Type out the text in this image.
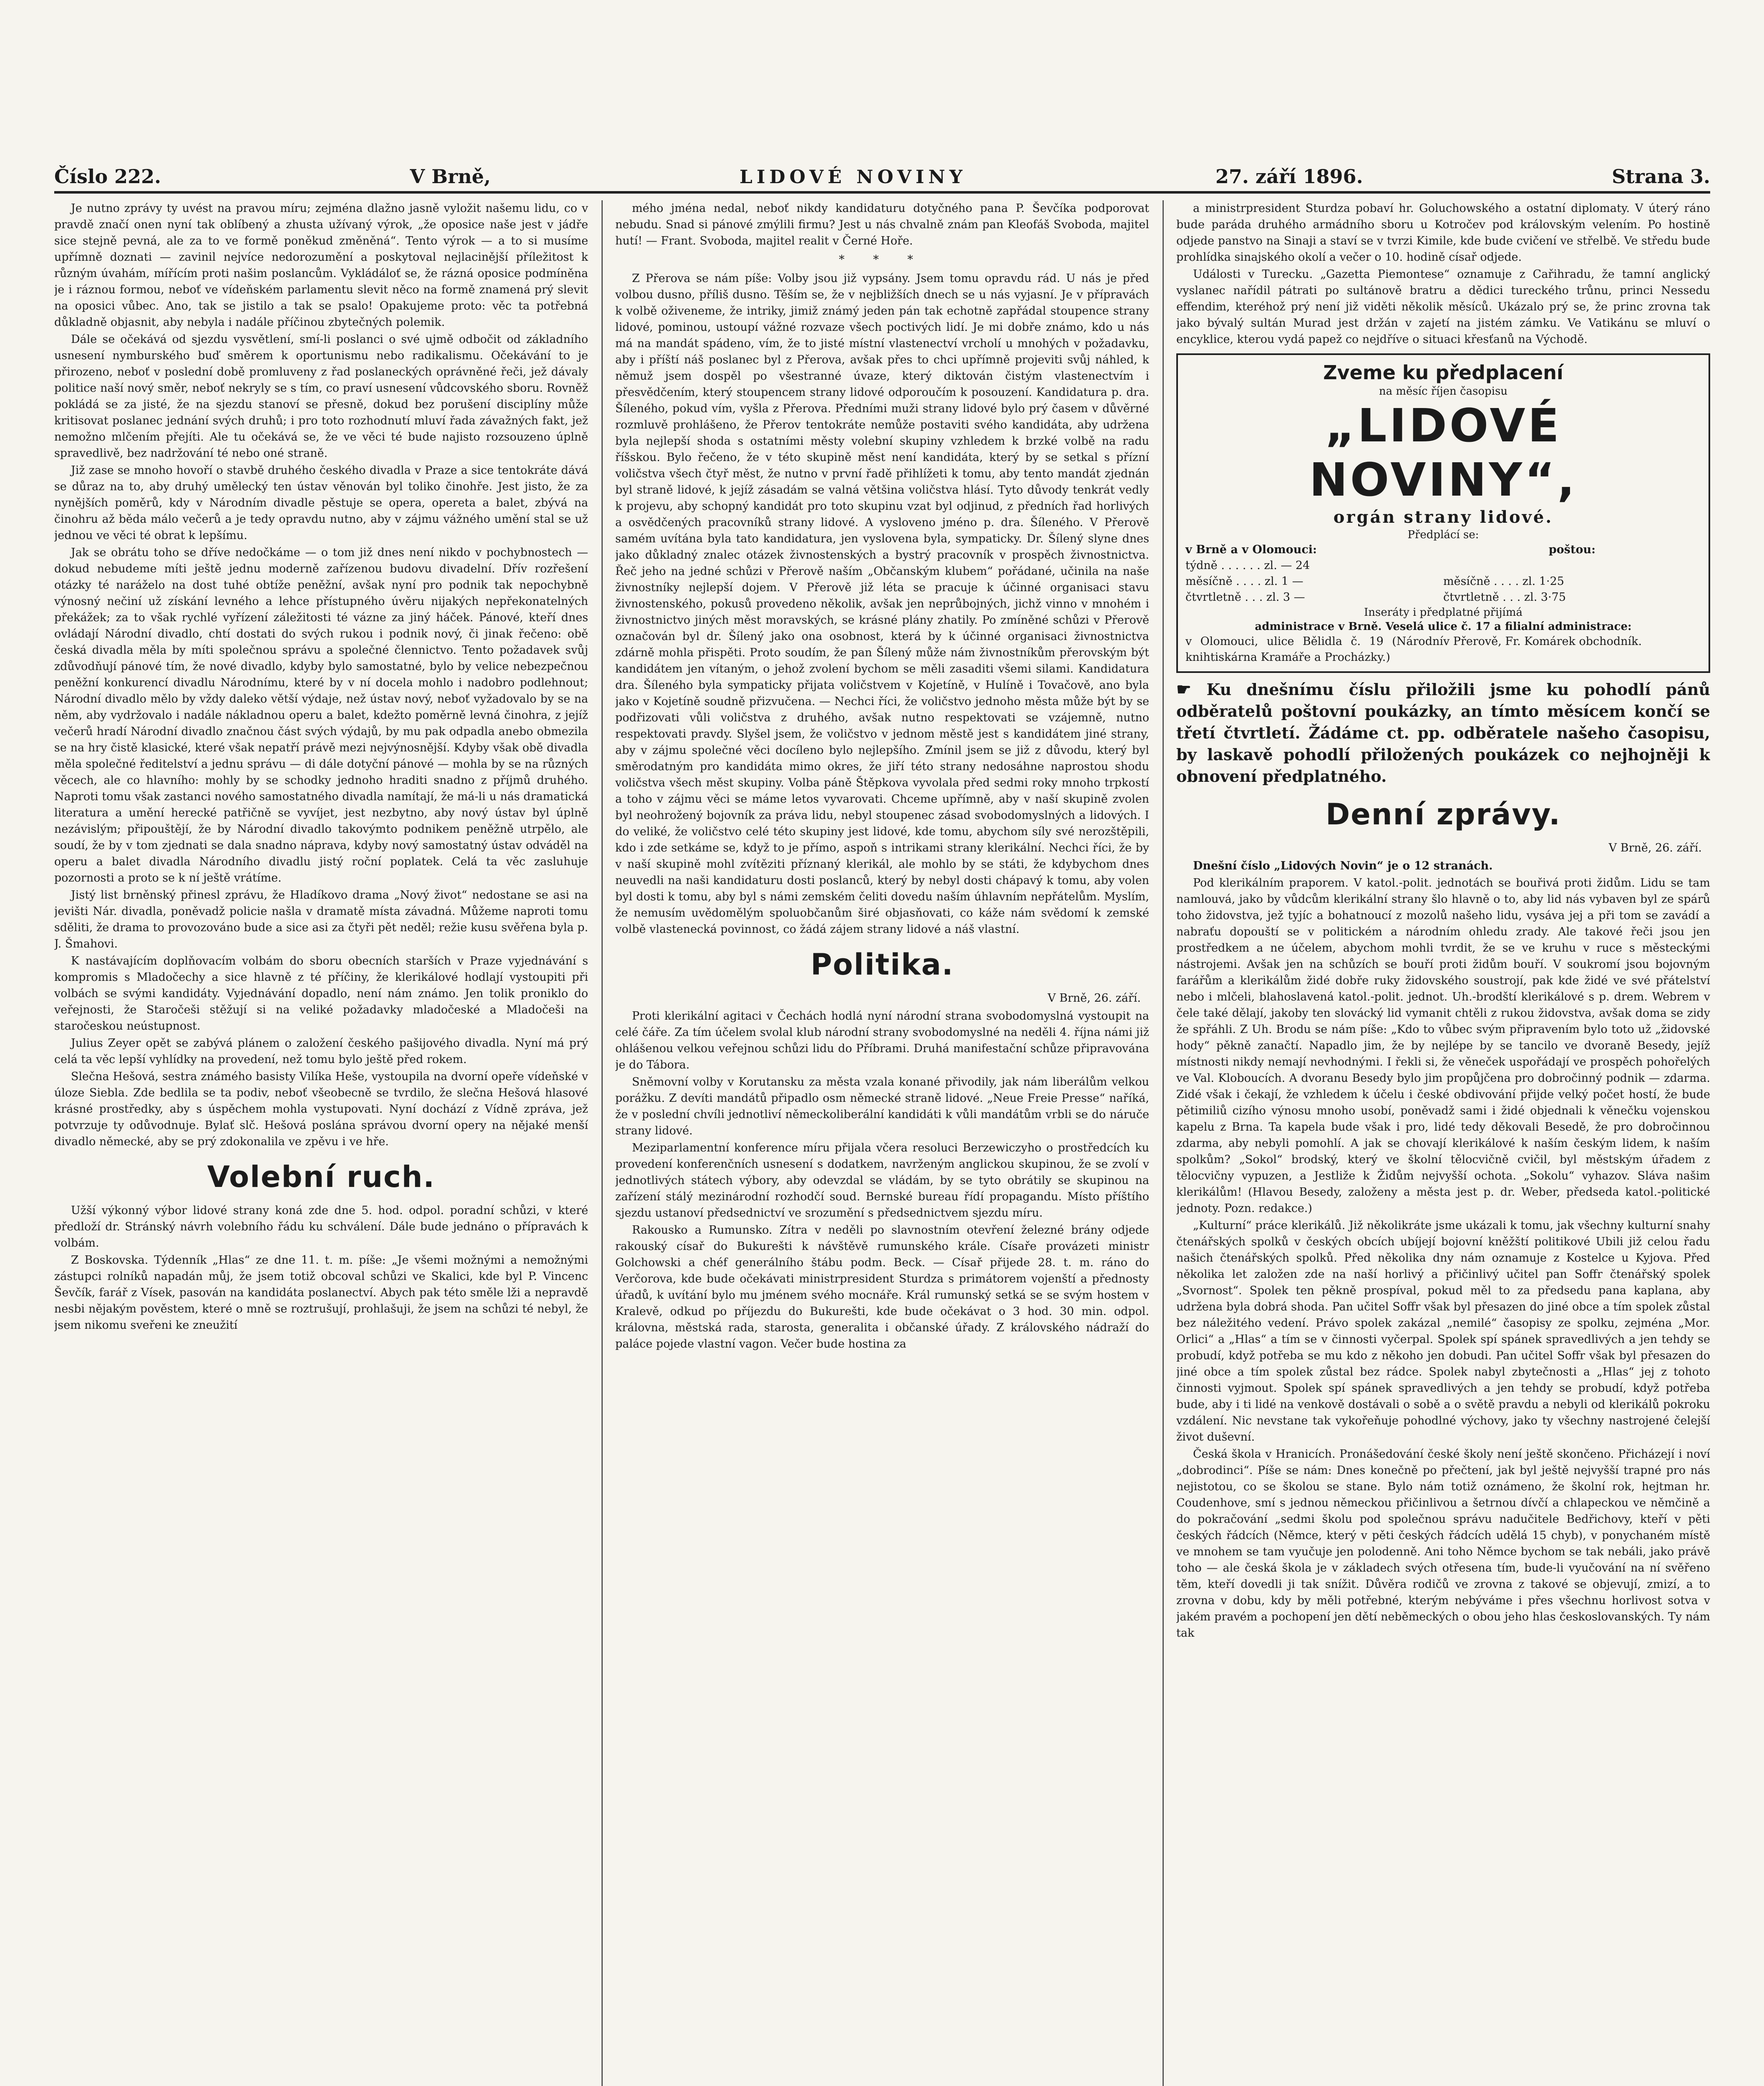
Číslo 222.	V Brně,	LIDOVÉ NOVINY	27. září 1896.	Strana 3.

Je nutno zprávy ty uvést na pravou míru; zejména dlažno jasně vyložit našemu lidu, co v pravdě značí onen nyní tak oblíbený a zhusta užívaný výrok, „že oposice naše jest v jádře sice stejně pevná, ale za to ve formě poněkud změněná“. Tento výrok — a to si musíme upřímně doznati — zavinil nejvíce nedorozumění a poskytoval nejlacinější příležitost k různým úvahám, mířícím proti našim poslancům. Vykládáloť se, že rázná oposice podmíněna je i ráznou formou, neboť ve vídeňském parlamentu slevit něco na formě znamená prý slevit na oposici vůbec. Ano, tak se jistilo a tak se psalo! Opakujeme proto: věc ta potřebná důkladně objasnit, aby nebyla i nadále příčinou zbytečných polemik.

Dále se očekává od sjezdu vysvětlení, smí-li poslanci o své ujmě odbočit od základního usnesení nymburského buď směrem k oportunismu nebo radikalismu. Očekávání to je přirozeno, neboť v poslední době promluveny z řad poslaneckých oprávněné řeči, jež dávaly politice naší nový směr, neboť nekryly se s tím, co praví usnesení vůdcovského sboru. Rovněž pokládá se za jisté, že na sjezdu stanoví se přesně, dokud bez porušení disciplíny může kritisovat poslanec jednání svých druhů; i pro toto rozhodnutí mluví řada závažných fakt, jež nemožno mlčením přejíti. Ale tu očekává se, že ve věci té bude najisto rozsouzeno úplně spravedlivě, bez nadržování té nebo oné straně.

Již zase se mnoho hovoří o stavbě druhého českého divadla v Praze a sice tentokráte dává se důraz na to, aby druhý umělecký ten ústav věnován byl toliko činohře. Jest jisto, že za nynějších poměrů, kdy v Národním divadle pěstuje se opera, opereta a balet, zbývá na činohru až běda málo večerů a je tedy opravdu nutno, aby v zájmu vážného umění stal se už jednou ve věci té obrat k lepšímu.

Jak se obrátu toho se dříve nedočkáme — o tom již dnes není nikdo v pochybnostech — dokud nebudeme míti ještě jednu moderně zařízenou budovu divadelní. Dřív rozřešení otázky té naráželo na dost tuhé obtíže peněžní, avšak nyní pro podnik tak nepochybně výnosný nečiní už získání levného a lehce přístupného úvěru nijakých nepřekonatelných překážek; za to však rychlé vyřízení záležitosti té vázne za jiný háček. Pánové, kteří dnes ovládají Národní divadlo, chtí dostati do svých rukou i podnik nový, či jinak řečeno: obě česká divadla měla by míti společnou správu a společné člennictvo. Tento požadavek svůj zdůvodňují pánové tím, že nové divadlo, kdyby bylo samostatné, bylo by velice nebezpečnou peněžní konkurencí divadlu Národnímu, které by v ní docela mohlo i nadobro podlehnout; Národní divadlo mělo by vždy daleko větší výdaje, než ústav nový, neboť vyžadovalo by se na něm, aby vydržovalo i nadále nákladnou operu a balet, kdežto poměrně levná činohra, z jejíž večerů hradí Národní divadlo značnou část svých výdajů, by mu pak odpadla anebo obmezila se na hry čistě klasické, které však nepatří právě mezi nejvýnosnější. Kdyby však obě divadla měla společné ředitelství a jednu správu — di dále dotyční pánové — mohla by se na různých věcech, ale co hlavního: mohly by se schodky jednoho hraditi snadno z příjmů druhého. Naproti tomu však zastanci nového samostatného divadla namítají, že má-li u nás dramatická literatura a umění herecké patřičně se vyvíjet, jest nezbytno, aby nový ústav byl úplně nezávislým; připouštějí, že by Národní divadlo takovýmto podnikem peněžně utrpělo, ale soudí, že by v tom zjednati se dala snadno náprava, kdyby nový samostatný ústav odváděl na operu a balet divadla Národního divadlu jistý roční poplatek. Celá ta věc zasluhuje pozornosti a proto se k ní ještě vrátíme.

Jistý list brněnský přinesl zprávu, že Hladíkovo drama „Nový život“ nedostane se asi na jevišti Nár. divadla, poněvadž policie našla v dramatě místa závadná. Můžeme naproti tomu sděliti, že drama to provozováno bude a sice asi za čtyři pět neděl; režie kusu svěřena byla p. J. Šmahovi.

K nastávajícím doplňovacím volbám do sboru obecních starších v Praze vyjednávání s kompromis s Mladočechy a sice hlavně z té příčiny, že klerikálové hodlají vystoupiti při volbách se svými kandidáty. Vyjednávání dopadlo, není nám známo. Jen tolik proniklo do veřejnosti, že Staročeši stěžují si na veliké požadavky mladočeské a Mladočeši na staročeskou neústupnost.

Julius Zeyer opět se zabývá plánem o založení českého pašijového divadla. Nyní má prý celá ta věc lepší vyhlídky na provedení, než tomu bylo ještě před rokem.

Slečna Hešová, sestra známého basisty Vilíka Heše, vystoupila na dvorní opeře vídeňské v úloze Siebla. Zde bedlila se ta podiv, neboť všeobecně se tvrdilo, že slečna Hešová hlasové krásné prostředky, aby s úspěchem mohla vystupovati. Nyní dochází z Vídně zpráva, jež potvrzuje ty odůvodnuje. Bylať slč. Hešová poslána správou dvorní opery na nějaké menší divadlo německé, aby se prý zdokonalila ve zpěvu i ve hře.

Volební ruch.

Užší výkonný výbor lidové strany koná zde dne 5. hod. odpol. poradní schůzi, v které předloží dr. Stránský návrh volebního řádu ku schválení. Dále bude jednáno o přípravách k volbám.

Z Boskovska. Týdenník „Hlas“ ze dne 11. t. m. píše: „Je všemi možnými a nemožnými zástupci rolníků napadán můj, že jsem totiž obcoval schůzi ve Skalici, kde byl P. Vincenc Ševčík, farář z Vísek, pasován na kandidáta poslanectví. Abych pak této směle lži a nepravdě nesbi nějakým pověstem, které o mně se roztrušují, prohlašuji, že jsem na schůzi té nebyl, že jsem nikomu sveřeni ke zneužití

mého jména nedal, neboť nikdy kandidaturu dotyčného pana P. Ševčíka podporovat nebudu. Snad si pánové zmýlili firmu? Jest u nás chvalně znám pan Kleofáš Svoboda, majitel hutí! — Frant. Svoboda, majitel realit v Černé Hoře.

* * *

Z Přerova se nám píše: Volby jsou již vypsány. Jsem tomu opravdu rád. U nás je před volbou dusno, příliš dusno. Těším se, že v nejbližších dnech se u nás vyjasní. Je v přípravách k volbě oživeneme, že intriky, jimiž známý jeden pán tak echotně zapřádal stoupence strany lidové, pominou, ustoupí vážné rozvaze všech poctivých lidí. Je mi dobře známo, kdo u nás má na mandát spádeno, vím, že to jisté místní vlastenectví vrcholí u mnohých v požadavku, aby i příští náš poslanec byl z Přerova, avšak přes to chci upřímně projeviti svůj náhled, k němuž jsem dospěl po všestranné úvaze, který diktován čistým vlastenectvím i přesvědčením, který stoupencem strany lidové odporoučím k posouzení. Kandidatura p. dra. Šíleného, pokud vím, vyšla z Přerova. Předními muži strany lidové bylo prý časem v důvěrné rozmluvě prohlášeno, že Přerov tentokráte nemůže postaviti svého kandidáta, aby udržena byla nejlepší shoda s ostatními městy volební skupiny vzhledem k brzké volbě na radu říšskou. Bylo řečeno, že v této skupině měst není kandidáta, který by se setkal s přízní voličstva všech čtyř měst, že nutno v první řadě přihlížeti k tomu, aby tento mandát zjednán byl straně lidové, k jejíž zásadám se valná většina voličstva hlásí. Tyto důvody tenkrát vedly k projevu, aby schopný kandidát pro toto skupinu vzat byl odjinud, z předních řad horlivých a osvědčených pracovníků strany lidové. A vysloveno jméno p. dra. Šíleného. V Přerově samém uvítána byla tato kandidatura, jen vyslovena byla, sympaticky. Dr. Šílený slyne dnes jako důkladný znalec otázek živnostenských a bystrý pracovník v prospěch živnostnictva. Řeč jeho na jedné schůzi v Přerově naším „Občanským klubem“ pořádané, učinila na naše živnostníky nejlepší dojem. V Přerově již léta se pracuje k účinné organisaci stavu živnostenského, pokusů provedeno několik, avšak jen neprůbojných, jichž vinno v mnohém i živnostnictvo jiných měst moravských, se krásné plány zhatily. Po zmíněné schůzi v Přerově označován byl dr. Šílený jako ona osobnost, která by k účinné organisaci živnostnictva zdárně mohla přispěti. Proto soudím, že pan Šílený může nám živnostníkům přerovským být kandidátem jen vítaným, o jehož zvolení bychom se měli zasaditi všemi silami. Kandidatura dra. Šíleného byla sympaticky přijata voličstvem v Kojetíně, v Hulíně i Tovačově, ano byla jako v Kojetíně soudně přizvučena. — Nechci říci, že voličstvo jednoho města může být by se podřizovati vůli voličstva z druhého, avšak nutno respektovati se vzájemně, nutno respektovati pravdy. Slyšel jsem, že voličstvo v jednom městě jest s kandidátem jiné strany, aby v zájmu společné věci docíleno bylo nejlepšího. Zmínil jsem se již z důvodu, který byl směrodatným pro kandidáta mimo okres, že jiří této strany nedosáhne naprostou shodu voličstva všech měst skupiny. Volba páně Štěpkova vyvolala před sedmi roky mnoho trpkostí a toho v zájmu věci se máme letos vyvarovati. Chceme upřímně, aby v naší skupině zvolen byl neohrožený bojovník za práva lidu, nebyl stoupenec zásad svobodomyslných a lidových. I do veliké, že voličstvo celé této skupiny jest lidové, kde tomu, abychom síly své nerozštěpili, kdo i zde setkáme se, když to je přímo, aspoň s intrikami strany klerikální. Nechci říci, že by v naší skupině mohl zvítěziti příznaný klerikál, ale mohlo by se státi, že kdybychom dnes neuvedli na naši kandidaturu dosti poslanců, který by nebyl dosti chápavý k tomu, aby volen byl dosti k tomu, aby byl s námi zemském čeliti dovedu naším úhlavním nepřátelům. Myslím, že nemusím uvědomělým spoluobčanům širé objasňovati, co káže nám svědomí k zemské volbě vlastenecká povinnost, co žádá zájem strany lidové a náš vlastní.

Politika.
V Brně, 26. září.

Proti klerikální agitaci v Čechách hodlá nyní národní strana svobodomyslná vystoupit na celé čáře. Za tím účelem svolal klub národní strany svobodomyslné na neděli 4. října námi již ohlášenou velkou veřejnou schůzi lidu do Příbrami. Druhá manifestační schůze připravována je do Tábora.

Sněmovní volby v Korutansku za města vzala konané přivodily, jak nám liberálům velkou porážku. Z devíti mandátů připadlo osm německé straně lidové. „Neue Freie Presse“ naříká, že v poslední chvíli jednotliví německoliberální kandidáti k vůli mandátům vrbli se do náruče strany lidové.

Meziparlamentní konference míru přijala včera resoluci Berzewiczyho o prostředcích ku provedení konferenčních usnesení s dodatkem, navrženým anglickou skupinou, že se zvolí v jednotlivých státech výbory, aby odevzdal se vládám, by se tyto obrátily se skupinou na zařízení stálý mezinárodní rozhodčí soud. Bernské bureau řídí propagandu. Místo příštího sjezdu ustanoví předsednictví ve srozumění s předsednictvem sjezdu míru.

Rakousko a Rumunsko. Zítra v neděli po slavnostním otevření železné brány odjede rakouský císař do Bukurešti k návštěvě rumunského krále. Císaře provázeti ministr Golchowski a chéf generálního štábu podm. Beck. — Císař přijede 28. t. m. ráno do Verčorova, kde bude očekávati ministrpresident Sturdza s primátorem vojenští a přednosty úřadů, k uvítání bylo mu jménem svého mocnáře. Král rumunský setká se se svým hostem v Kralevě, odkud po příjezdu do Bukurešti, kde bude očekávat o 3 hod. 30 min. odpol. královna, městská rada, starosta, generalita i občanské úřady. Z královského nádraží do paláce pojede vlastní vagon. Večer bude hostina za

a ministrpresident Sturdza pobaví hr. Goluchowského a ostatní diplomaty. V úterý ráno bude paráda druhého armádního sboru u Kotročev pod královským velením. Po hostině odjede panstvo na Sinaji a staví se v tvrzi Kimile, kde bude cvičení ve střelbě. Ve středu bude prohlídka sinajského okolí a večer o 10. hodině císař odjede.

Události v Turecku. „Gazetta Piemontese“ oznamuje z Cařihradu, že tamní anglický vyslanec nařídil pátrati po sultánově bratru a dědici tureckého trůnu, princi Nessedu effendim, kteréhož prý není již viděti několik měsíců. Ukázalo prý se, že princ zrovna tak jako bývalý sultán Murad jest držán v zajetí na jistém zámku. Ve Vatikánu se mluví o encyklice, kterou vydá papež co nejdříve o situaci křesťanů na Východě.

Zveme ku předplacení
na měsíc říjen časopisu
„LIDOVÉ NOVINY“,
orgán strany lidové.
Předplácí se:
v Brně a v Olomouci:	poštou:
týdně . . . . . . zl. — 24
měsíčně . . . . zl. 1 —	měsíčně . . . . zl. 1·25
čtvrtletně . . . zl. 3 —	čtvrtletně . . . zl. 3·75
Inseráty i předplatné přijímá
administrace v Brně. Veselá ulice č. 17 a filialní administrace:
v Olomouci, ulice Bělidla č. 19 (Národní knihtiskárna Kramáře a Procházky.)
v Přerově, Fr. Komárek obchodník.
☛ Ku dnešnímu číslu přiložili jsme ku pohodlí pánů odběratelů poštovní poukázky, an tímto měsícem končí se třetí čtvrtletí. Žádáme ct. pp. odběratele našeho časopisu, by laskavě pohodlí přiložených poukázek co nejhojněji k obnovení předplatného.
Denní zprávy.
V Brně, 26. září.

Dnešní číslo „Lidových Novin“ je o 12 stranách.

Pod klerikálním praporem. V katol.-polit. jednotách se bouřivá proti židům. Lidu se tam namlouvá, jako by vůdcům klerikální strany šlo hlavně o to, aby lid nás vybaven byl ze spárů toho židovstva, jež tyjíc a bohatnoucí z mozolů našeho lidu, vysáva jej a při tom se zavádí a nabraťu dopouští se v politickém a národním ohledu zrady. Ale takové řeči jsou jen prostředkem a ne účelem, abychom mohli tvrdit, že se ve kruhu v ruce s městeckými nástrojemi. Avšak jen na schůzích se bouří proti židům bouří. V soukromí jsou bojovným farářům a klerikálům židé dobře ruky židovského soustrojí, pak kde židé ve své přátelství nebo i mlčeli, blahoslavená katol.-polit. jednot. Uh.-brodští klerikálové s p. drem. Webrem v čele také dělají, jakoby ten slovácký lid vymanit chtěli z rukou židovstva, avšak doma se zidy že spřáhli. Z Uh. Brodu se nám píše: „Kdo to vůbec svým připravením bylo toto už „židovské hody“ pěkně zanačtí. Napadlo jim, že by nejlépe by se tancilo ve dvoraně Besedy, jejíž místnosti nikdy nemají nevhodnými. I řekli si, že věneček uspořádají ve prospěch pohořelých ve Val. Kloboucích. A dvoranu Besedy bylo jim propůjčena pro dobročinný podnik — zdarma. Zidé však i čekají, že vzhledem k účelu i české obdivování přijde velký počet hostí, že bude pětimiliů cizího výnosu mnoho usobí, poněvadž sami i židé objednali k věnečku vojenskou kapelu z Brna. Ta kapela bude však i pro, lidé tedy děkovali Besedě, že pro dobročinnou zdarma, aby nebyli pomohlí. A jak se chovají klerikálové k naším českým lidem, k naším spolkům? „Sokol“ brodský, který ve školní tělocvičně cvičil, byl městským úřadem z tělocvičny vypuzen, a Jestliže k Židům nejvyšší ochota. „Sokolu“ vyhazov. Sláva našim klerikálům! (Hlavou Besedy, založeny a města jest p. dr. Weber, předseda katol.-politické jednoty. Pozn. redakce.)

„Kulturní“ práce klerikálů. Již několikráte jsme ukázali k tomu, jak všechny kulturní snahy čtenářských spolků v českých obcích ubíjejí bojovní kněžští politikové Ubili již celou řadu našich čtenářských spolků. Před několika dny nám oznamuje z Kostelce u Kyjova. Před několika let založen zde na naší horlivý a přičinlivý učitel pan Soffr čtenářský spolek „Svornost“. Spolek ten pěkně prospíval, pokud měl to za předsedu pana kaplana, aby udržena byla dobrá shoda. Pan učitel Soffr však byl přesazen do jiné obce a tím spolek zůstal bez náležitého vedení. Právo spolek zakázal „nemilé“ časopisy ze spolku, zejména „Mor. Orlici“ a „Hlas“ a tím se v činnosti vyčerpal. Spolek spí spánek spravedlivých a jen tehdy se probudí, když potřeba se mu kdo z někoho jen dobudi. Pan učitel Soffr však byl přesazen do jiné obce a tím spolek zůstal bez rádce. Spolek nabyl zbytečnosti a „Hlas“ jej z tohoto činnosti vyjmout. Spolek spí spánek spravedlivých a jen tehdy se probudí, když potřeba bude, aby i ti lidé na venkově dostávali o sobě a o světě pravdu a nebyli od klerikálů pokroku vzdálení. Nic nevstane tak vykořeňuje pohodlné výchovy, jako ty všechny nastrojené čelejší život duševní.

Česká škola v Hranicích. Pronášedování české školy není ještě skončeno. Přicházejí i noví „dobrodinci“. Píše se nám: Dnes konečně po přečtení, jak byl ještě nejvyšší trapné pro nás nejistotou, co se školou se stane. Bylo nám totiž oznámeno, že školní rok, hejtman hr. Coudenhove, smí s jednou německou přičinlivou a šetrnou dívčí a chlapeckou ve němčině a do pokračování „sedmi školu pod společnou správu nadučitele Bedřichovy, kteří v pěti českých řádcích (Němce, který v pěti českých řádcích udělá 15 chyb), v ponychaném místě ve mnohem se tam vyučuje jen polodenně. Ani toho Němce bychom se tak nebáli, jako právě toho — ale česká škola je v základech svých otřesena tím, bude-li vyučování na ní svěřeno těm, kteří dovedli ji tak snížit. Důvěra rodičů ve zrovna z takové se objevují, zmizí, a to zrovna v dobu, kdy by měli potřebné, kterým nebýváme i přes všechnu horlivost sotva v jakém pravém a pochopení jen dětí neběmeckých o obou jeho hlas českoslovanských. Ty nám tak
